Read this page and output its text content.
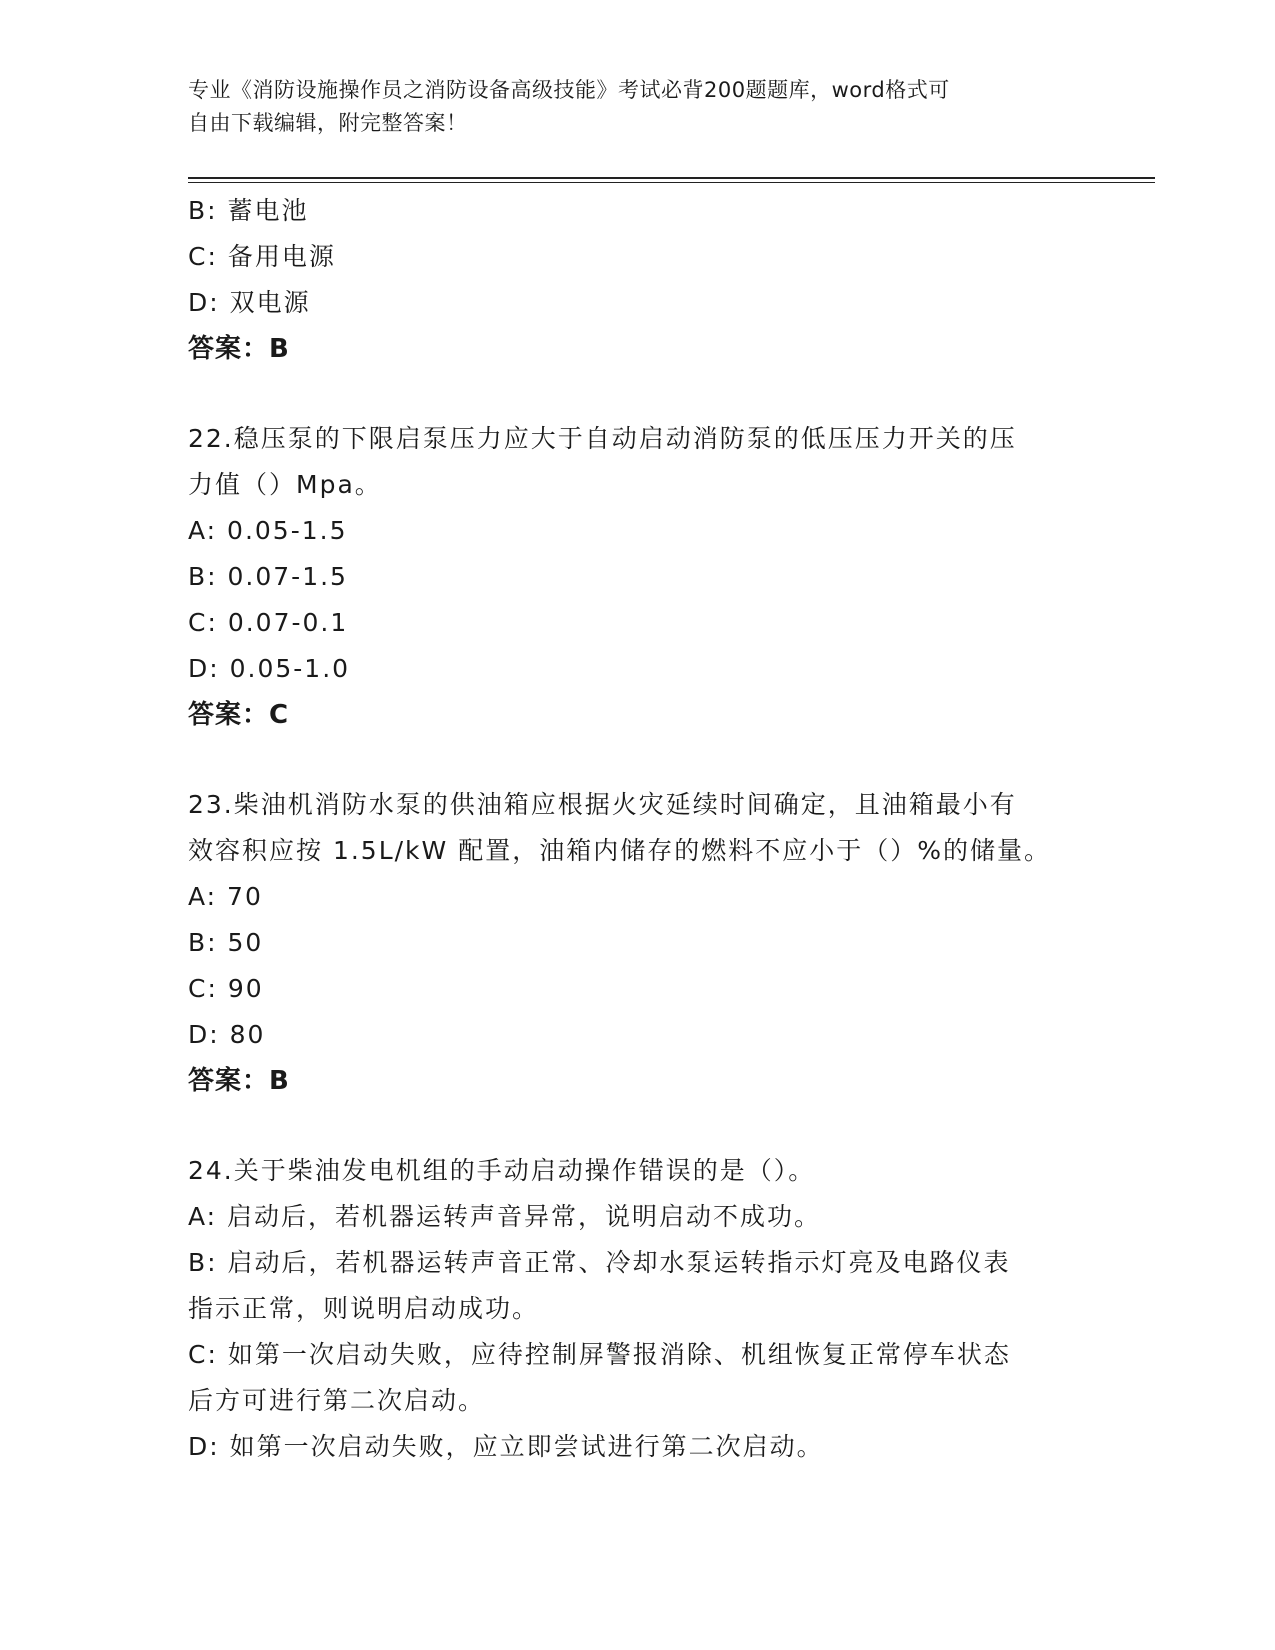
专业《消防设施操作员之消防设备高级技能》考试必背200题题库，word格式可
自由下载编辑，附完整答案！
B: 蓄电池
C: 备用电源
D: 双电源
答案：B
22.稳压泵的下限启泵压力应大于自动启动消防泵的低压压力开关的压
力值（）Mpa。
A: 0.05-1.5
B: 0.07-1.5
C: 0.07-0.1
D: 0.05-1.0
答案：C
23.柴油机消防水泵的供油箱应根据火灾延续时间确定，且油箱最小有
效容积应按 1.5L/kW 配置，油箱内储存的燃料不应小于（）%的储量。
A: 70
B: 50
C: 90
D: 80
答案：B
24.关于柴油发电机组的手动启动操作错误的是（）。
A: 启动后，若机器运转声音异常，说明启动不成功。
B: 启动后，若机器运转声音正常、冷却水泵运转指示灯亮及电路仪表
指示正常，则说明启动成功。
C: 如第一次启动失败，应待控制屏警报消除、机组恢复正常停车状态
后方可进行第二次启动。
D: 如第一次启动失败，应立即尝试进行第二次启动。
